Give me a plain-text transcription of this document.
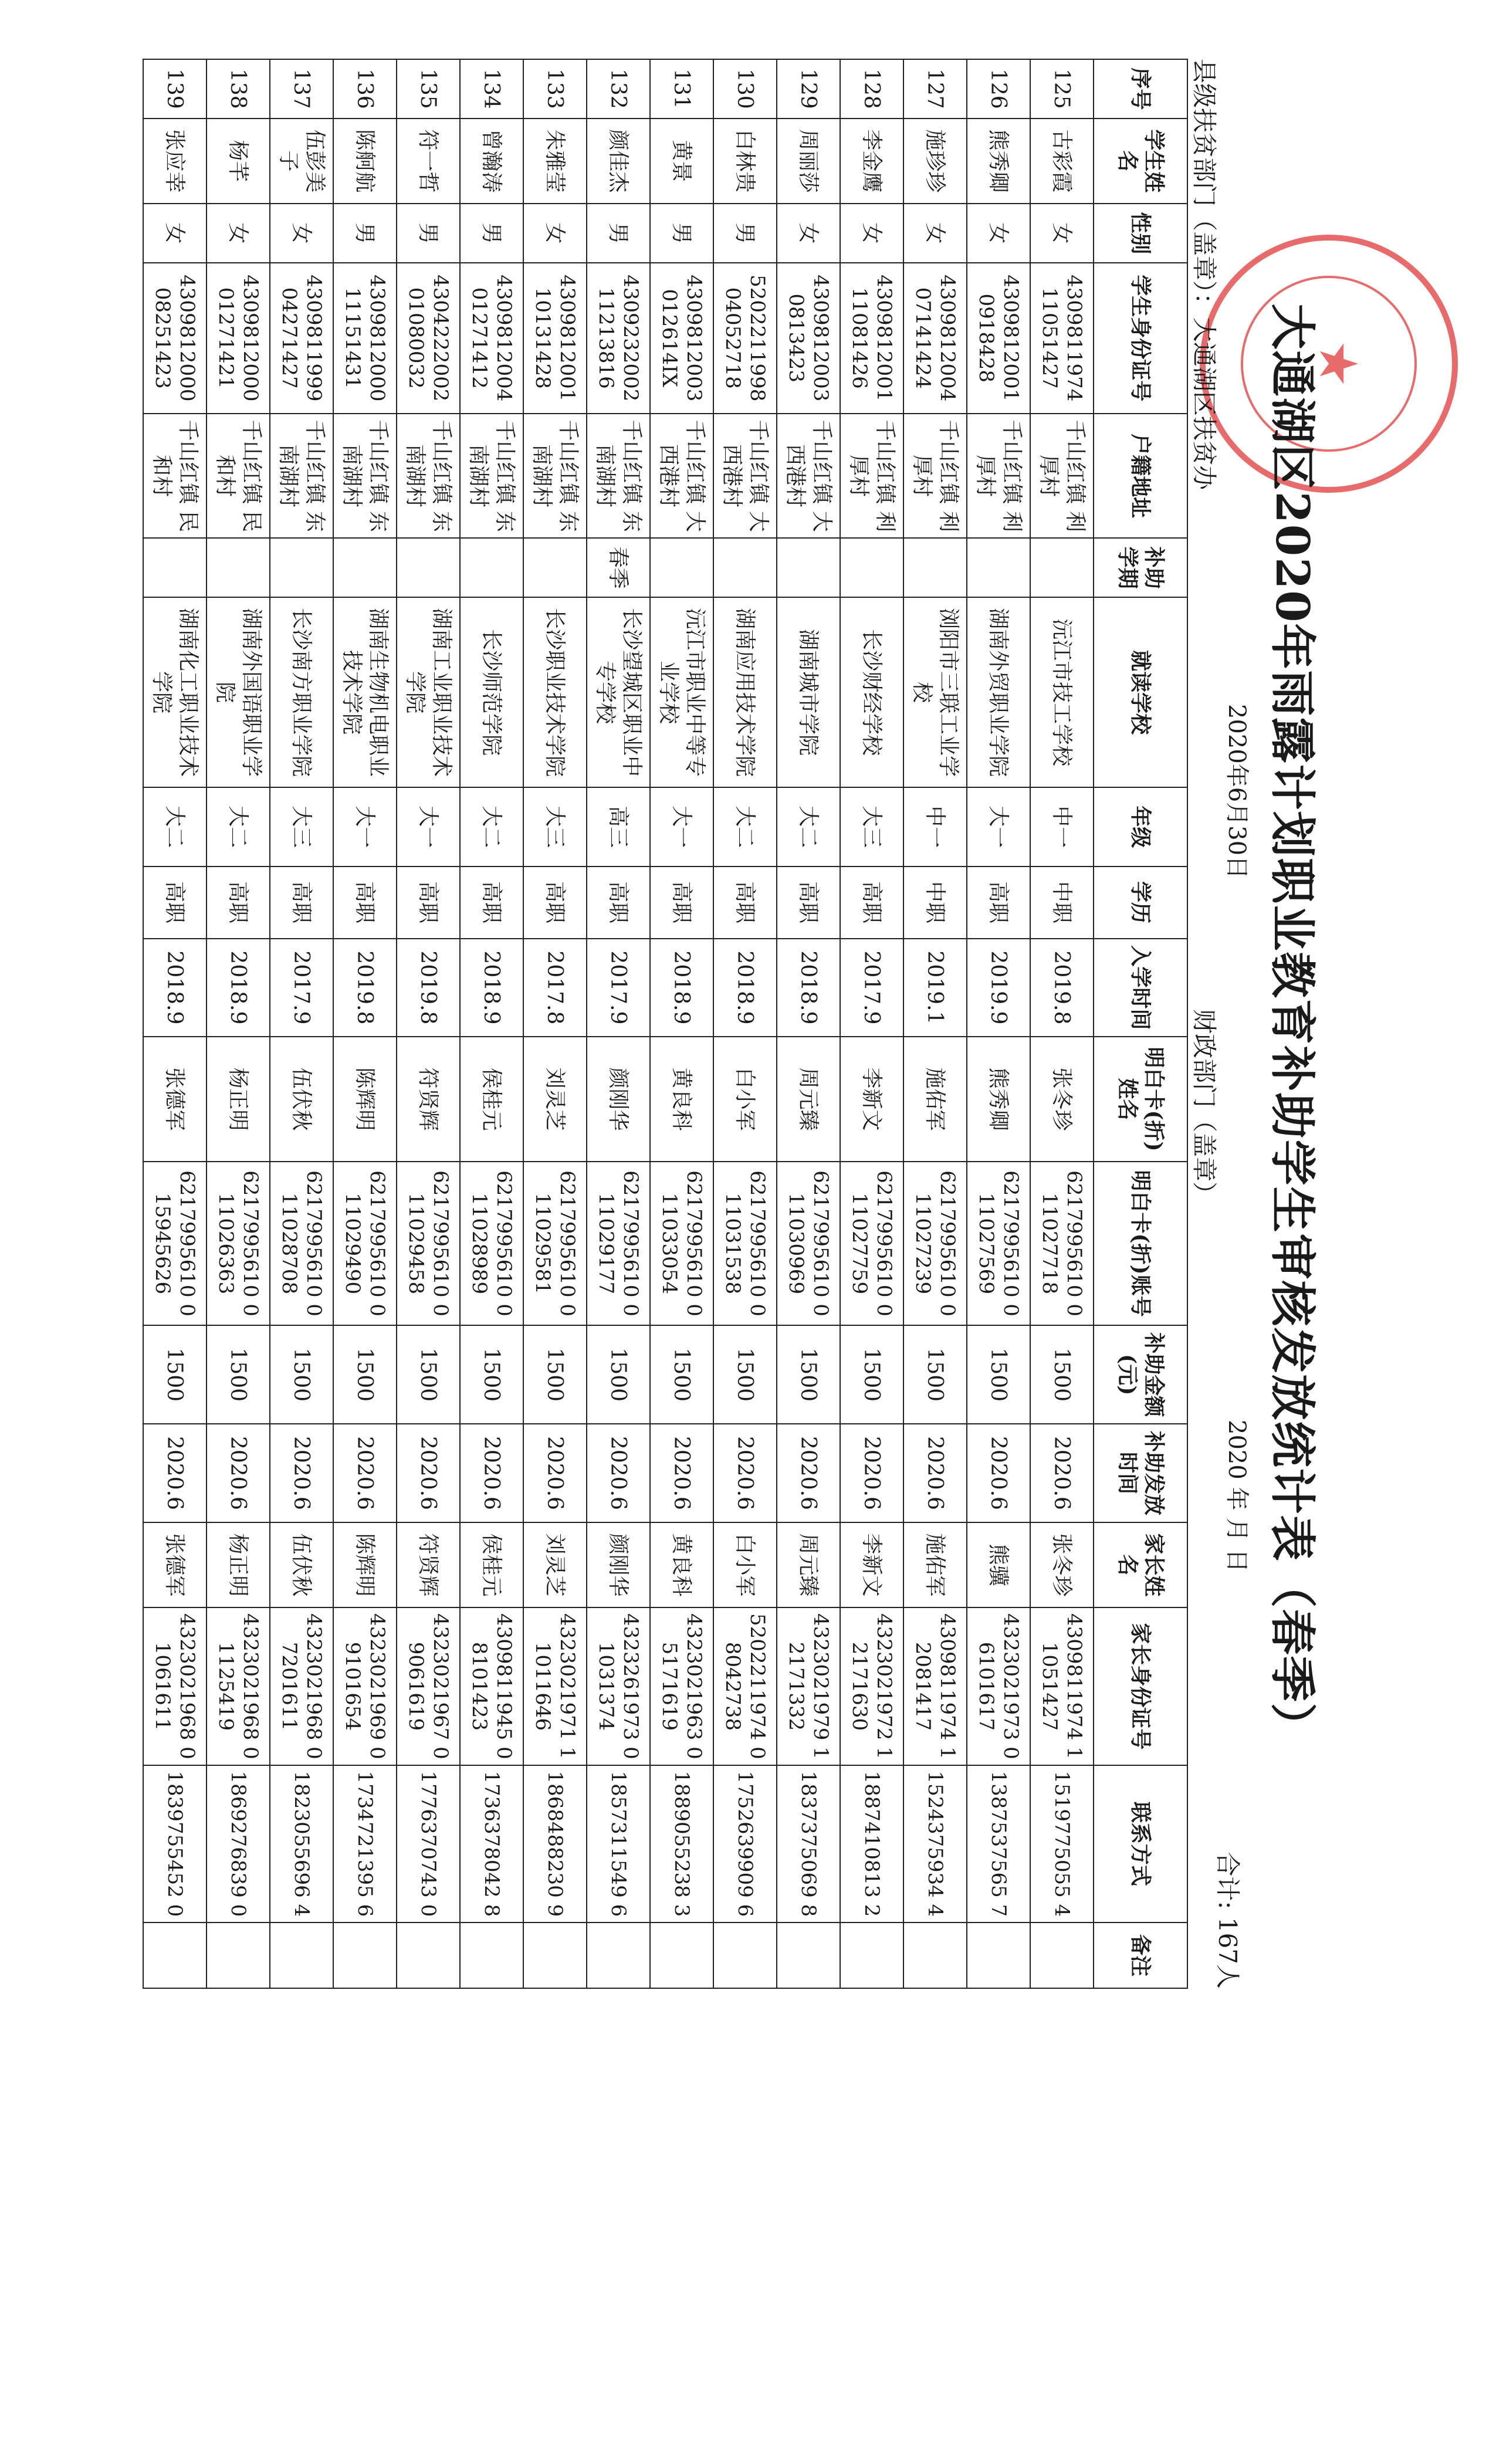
★
大通湖区2020年雨露计划职业教育补助学生审核发放统计表（春季）
2020年6月30日
2020 年 月 日
合计: 167人
县级扶贫部门（盖章）：大通湖区扶贫办
财政部门（盖章）
序号	学生姓名	性别	学生身份证号	户籍地址	补助学期	就读学校	年级	学历	入学时间	明白卡(折)姓名	明白卡(折)账号	补助金额(元)	补助发放时间	家长姓名	家长身份证号	联系方式	备注
125	古彩霞	女	4309811974 11051427	千山红镇 利厚村		沅江市技工学校	中一	中职	2019.8	张冬珍	6217995610 011027718	1500	2020.6	张冬珍	4309811974 11051427	1519775055 4	
126	熊秀卿	女	4309812001 0918428	千山红镇 利厚村		湖南外贸职业学院	大一	高职	2019.9	熊秀卿	6217995610 011027569	1500	2020.6	熊骥	4323021973 06101617	1387537565 7	
127	施珍珍	女	4309812004 07141424	千山红镇 利厚村		浏阳市三联工业学校	中一	中职	2019.1	施佑军	6217995610 011027239	1500	2020.6	施佑军	4309811974 12081417	1524375934 4	
128	李金鹰	女	4309812001 11081426	千山红镇 利厚村		长沙财经学校	大三	高职	2017.9	李新文	6217995610 011027759	1500	2020.6	李新文	4323021972 12171630	1887410813 2	
129	周丽莎	女	4309812003 0813423	千山红镇 大西港村		湖南城市学院	大二	高职	2018.9	周元臻	6217995610 011030969	1500	2020.6	周元臻	4323021979 12171332	1837375069 8	
130	白林贵	男	5202211998 04052718	千山红镇 大西港村		湖南应用技术学院	大二	高职	2018.9	白小军	6217995610 011031538	1500	2020.6	白小军	5202211974 08042738	1752639909 6	
131	黄景	男	4309812003 012614IX	千山红镇 大西港村		沅江市职业中等专业学校	大一	高职	2018.9	黄良科	6217995610 011033054	1500	2020.6	黄良科	4323021963 05171619	1889055238 3	
132	颜佳杰	男	4309232002 11213816	千山红镇 东南湖村	春季	长沙望城区职业中专学校	高三	高职	2017.9	颜刚华	6217995610 011029177	1500	2020.6	颜刚华	4323261973 01031374	1857311549 6	
133	朱雅莹	女	4309812001 10131428	千山红镇 东南湖村		长沙职业技术学院	大三	高职	2017.8	刘灵芝	6217995610 011029581	1500	2020.6	刘灵芝	4323021971 11011646	1868488230 9	
134	曾瀚涛	男	4309812004 01271412	千山红镇 东南湖村		长沙师范学院	大二	高职	2018.9	侯桂元	6217995610 011028989	1500	2020.6	侯桂元	4309811945 08101423	1736378042 8	
135	符一哲	男	4304222002 01080032	千山红镇 东南湖村		湖南工业职业技术学院	大一	高职	2019.8	符贤辉	6217995610 011029458	1500	2020.6	符贤辉	4323021967 09061619	1776370743 0	
136	陈舸航	男	4309812000 11151431	千山红镇 东南湖村		湖南生物机电职业技术学院	大一	高职	2019.8	陈辉明	6217995610 011029490	1500	2020.6	陈辉明	4323021969 09101654	1734721395 6	
137	伍彭美子	女	4309811999 04271427	千山红镇 东南湖村		长沙南方职业学院	大三	高职	2017.9	伍伏秋	6217995610 011028708	1500	2020.6	伍伏秋	4323021968 07201611	1823055696 4	
138	杨芊	女	4309812000 01271421	千山红镇 民和村		湖南外国语职业学院	大二	高职	2018.9	杨正明	6217995610 011026363	1500	2020.6	杨正明	4323021968 01125419	1869276839 0	
139	张应幸	女	4309812000 08251423	千山红镇 民和村		湖南化工职业技术学院	大二	高职	2018.9	张德军	6217995610 015945626	1500	2020.6	张德军	4323021968 01061611	1839755452 0	
